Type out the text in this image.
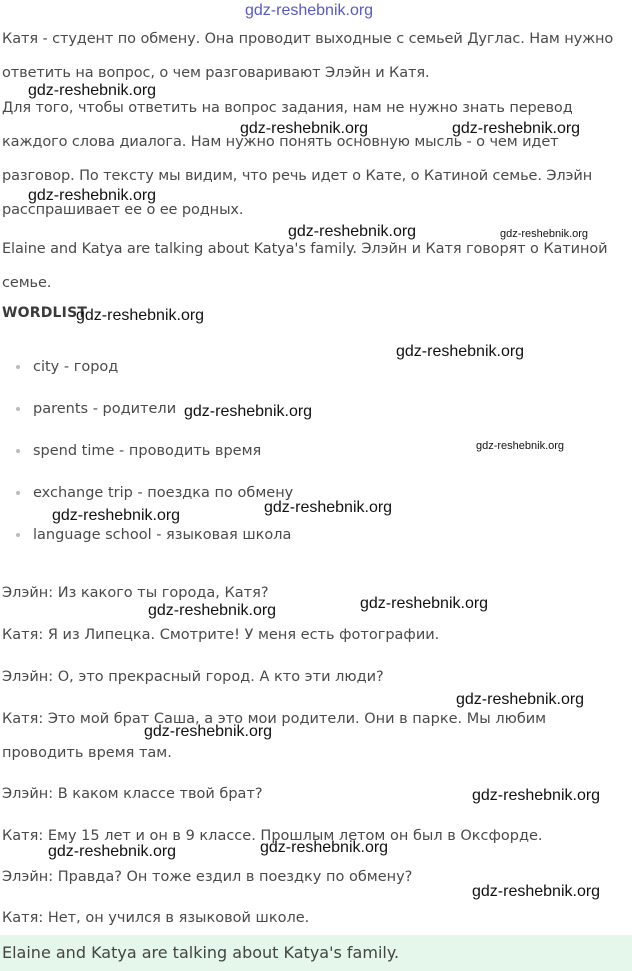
Катя - студент по обмену. Она проводит выходные с семьей Дуглас. Нам нужно ответить на вопрос, о чем разговаривают Элэйн и Катя.

Для того, чтобы ответить на вопрос задания, нам не нужно знать перевод каждого слова диалога. Нам нужно понять основную мысль - о чем идет разговор. По тексту мы видим, что речь идет о Кате, о Катиной семье. Элэйн расспрашивает ее о ее родных.

Elaine and Katya are talking about Katya's family. Элэйн и Катя говорят о Катиной семье.

WORDLIST
city - город
parents - родители
spend time - проводить время
exchange trip - поездка по обмену
language school - языковая школа

Элэйн: Из какого ты города, Катя?

Катя: Я из Липецка. Смотрите! У меня есть фотографии.

Элэйн: О, это прекрасный город. А кто эти люди?

Катя: Это мой брат Саша, а это мои родители. Они в парке. Мы любим проводить время там.

Элэйн: В каком классе твой брат?

Катя: Ему 15 лет и он в 9 классе. Прошлым летом он был в Оксфорде.

Элэйн: Правда? Он тоже ездил в поездку по обмену?

Катя: Нет, он учился в языковой школе.

Elaine and Katya are talking about Katya's family.
gdz-reshebnik.org
gdz-reshebnik.org
gdz-reshebnik.org	gdz-reshebnik.org
gdz-reshebnik.org
gdz-reshebnik.org	gdz-reshebnik.org
gdz-reshebnik.org
gdz-reshebnik.org
gdz-reshebnik.org
gdz-reshebnik.org
gdz-reshebnik.org
gdz-reshebnik.org
gdz-reshebnik.org
gdz-reshebnik.org
gdz-reshebnik.org
gdz-reshebnik.org
gdz-reshebnik.org
gdz-reshebnik.org
gdz-reshebnik.org
gdz-reshebnik.org
